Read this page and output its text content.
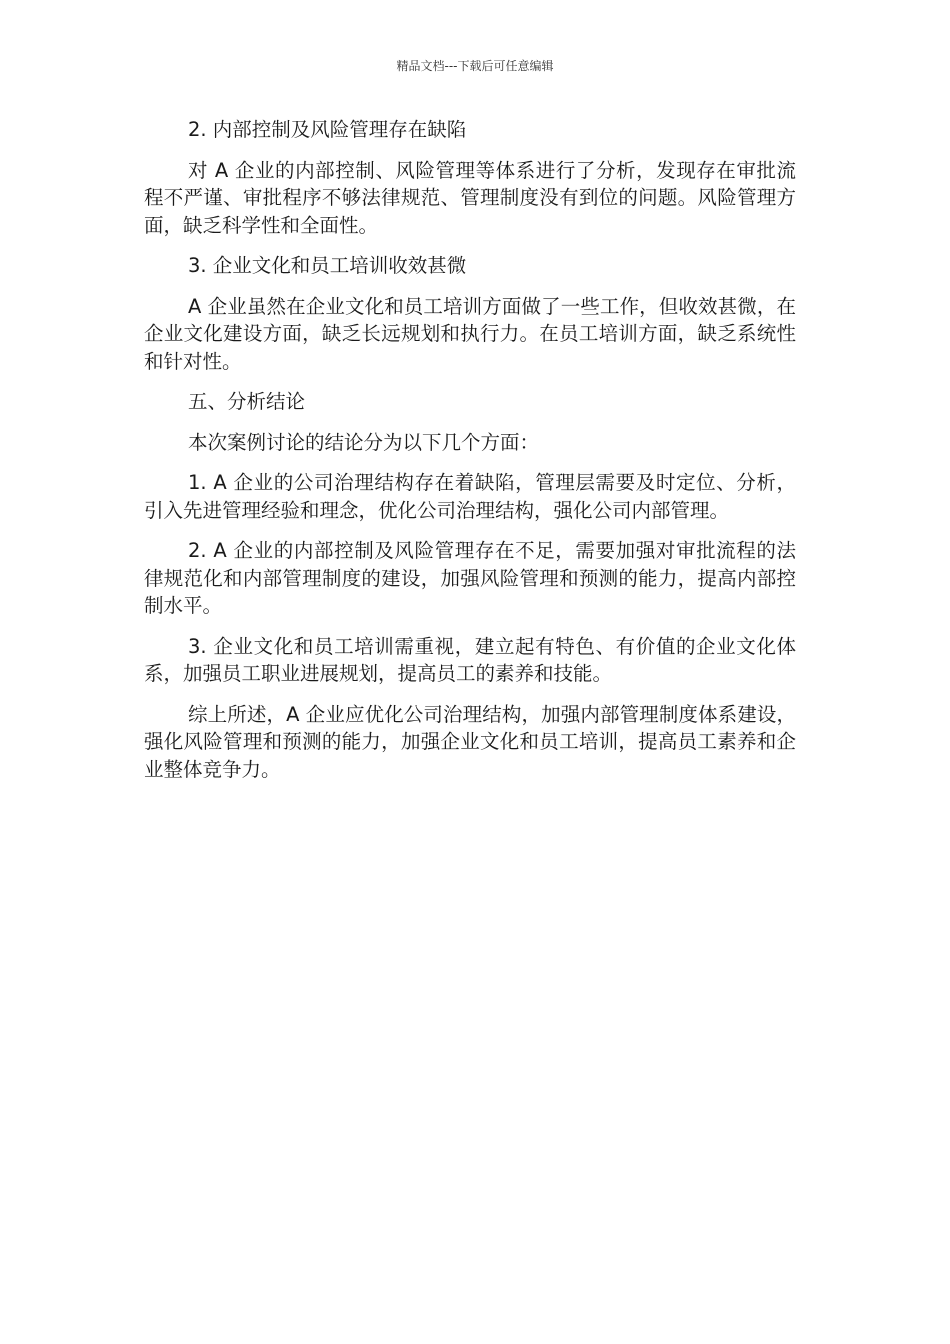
精品文档---下载后可任意编辑

2. 内部控制及风险管理存在缺陷

对 A 企业的内部控制、风险管理等体系进行了分析，发现存在审批流程不严谨、审批程序不够法律规范、管理制度没有到位的问题。风险管理方面，缺乏科学性和全面性。

3. 企业文化和员工培训收效甚微

A 企业虽然在企业文化和员工培训方面做了一些工作，但收效甚微，在企业文化建设方面，缺乏长远规划和执行力。在员工培训方面，缺乏系统性和针对性。

五、分析结论

本次案例讨论的结论分为以下几个方面：

1. A 企业的公司治理结构存在着缺陷，管理层需要及时定位、分析，引入先进管理经验和理念，优化公司治理结构，强化公司内部管理。

2. A 企业的内部控制及风险管理存在不足，需要加强对审批流程的法律规范化和内部管理制度的建设，加强风险管理和预测的能力，提高内部控制水平。

3. 企业文化和员工培训需重视，建立起有特色、有价值的企业文化体系，加强员工职业进展规划，提高员工的素养和技能。

综上所述，A 企业应优化公司治理结构，加强内部管理制度体系建设，强化风险管理和预测的能力，加强企业文化和员工培训，提高员工素养和企业整体竞争力。
